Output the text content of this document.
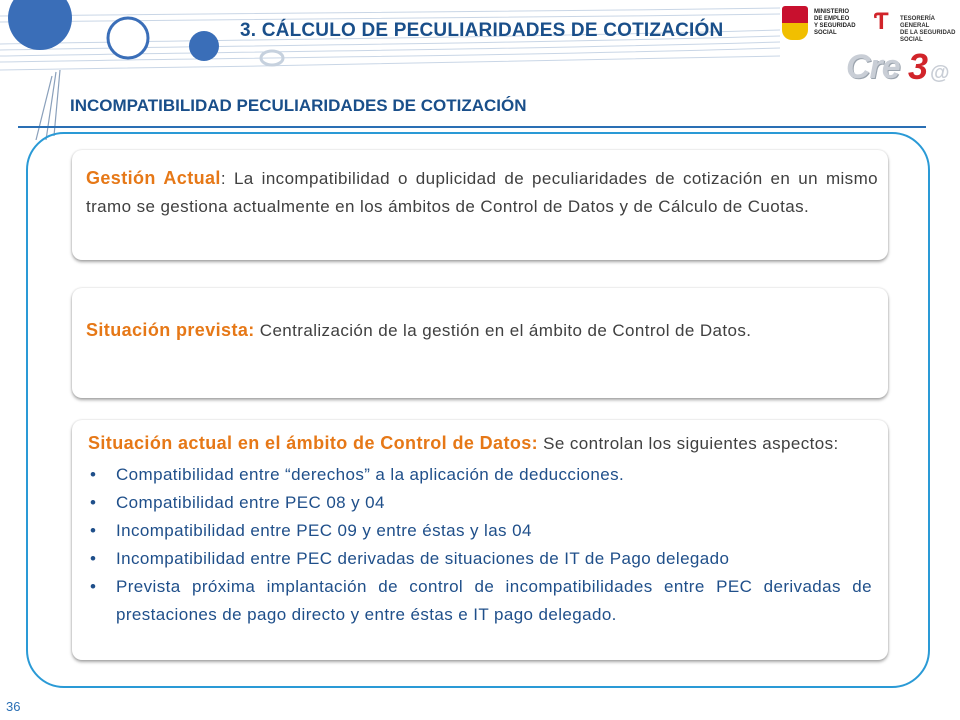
3. CÁLCULO DE PECULIARIDADES DE COTIZACIÓN
MINISTERIO
DE EMPLEO
Y SEGURIDAD SOCIAL	Ƭ	TESORERÍA GENERAL
DE LA SEGURIDAD SOCIAL
Cre 3 @
INCOMPATIBILIDAD PECULIARIDADES DE COTIZACIÓN
Gestión Actual: La incompatibilidad o duplicidad de peculiaridades de cotización en un mismo tramo se gestiona actualmente en los ámbitos de Control de Datos y de Cálculo de Cuotas.
Situación prevista: Centralización de la gestión en el ámbito de Control de Datos.
Situación actual en el ámbito de Control de Datos: Se controlan los siguientes aspectos:
• Compatibilidad entre “derechos” a la aplicación de deducciones.
• Compatibilidad entre PEC 08 y 04
• Incompatibilidad entre PEC 09 y entre éstas y las 04
• Incompatibilidad entre PEC derivadas de situaciones de IT de Pago delegado
• Prevista próxima implantación de control de incompatibilidades entre PEC derivadas de prestaciones de pago directo y entre éstas e IT pago delegado.
36
